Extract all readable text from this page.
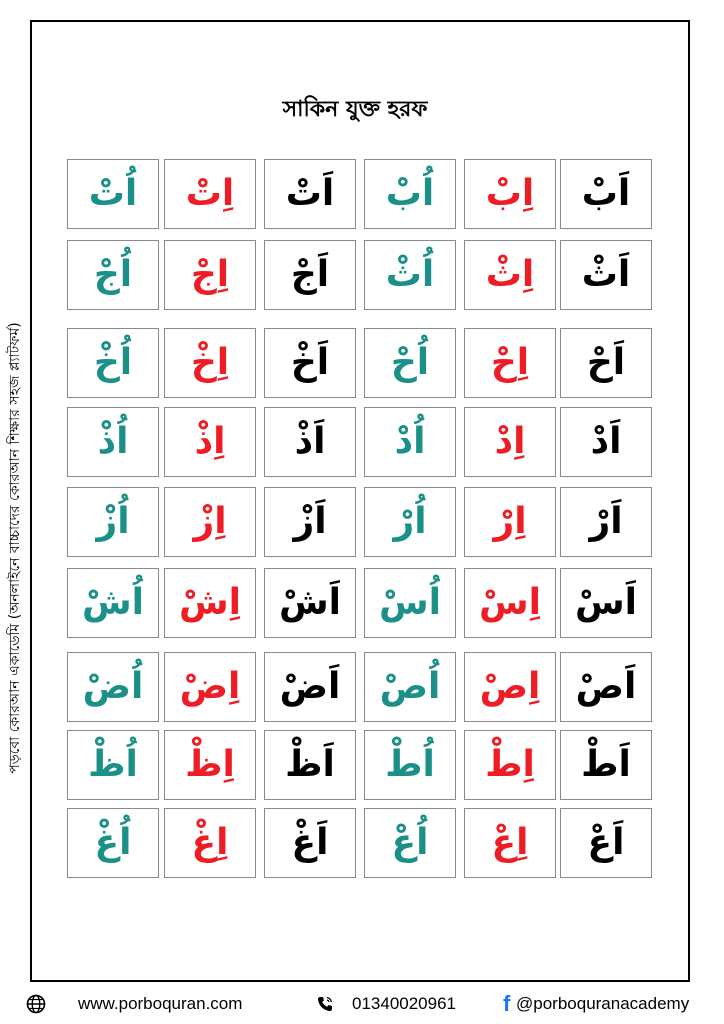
সাকিন যুক্ত হরফ
পড়বো কোরআন একাডেমি (অনলাইনে বাচ্চাদের কোরআন শিক্ষার সহজ প্ল্যাটফর্ম)
اَبْ
اِبْ
اُبْ
اَتْ
اِتْ
اُتْ
اَثْ
اِثْ
اُثْ
اَجْ
اِجْ
اُجْ
اَحْ
اِحْ
اُحْ
اَخْ
اِخْ
اُخْ
اَدْ
اِدْ
اُدْ
اَذْ
اِذْ
اُذْ
اَرْ
اِرْ
اُرْ
اَزْ
اِزْ
اُزْ
اَسْ
اِسْ
اُسْ
اَشْ
اِشْ
اُشْ
اَصْ
اِصْ
اُصْ
اَضْ
اِضْ
اُضْ
اَطْ
اِطْ
اُطْ
اَظْ
اِظْ
اُظْ
اَعْ
اِعْ
اُعْ
اَغْ
اِغْ
اُغْ
www.porboquran.com	01340020961 f @porboquranacademy
